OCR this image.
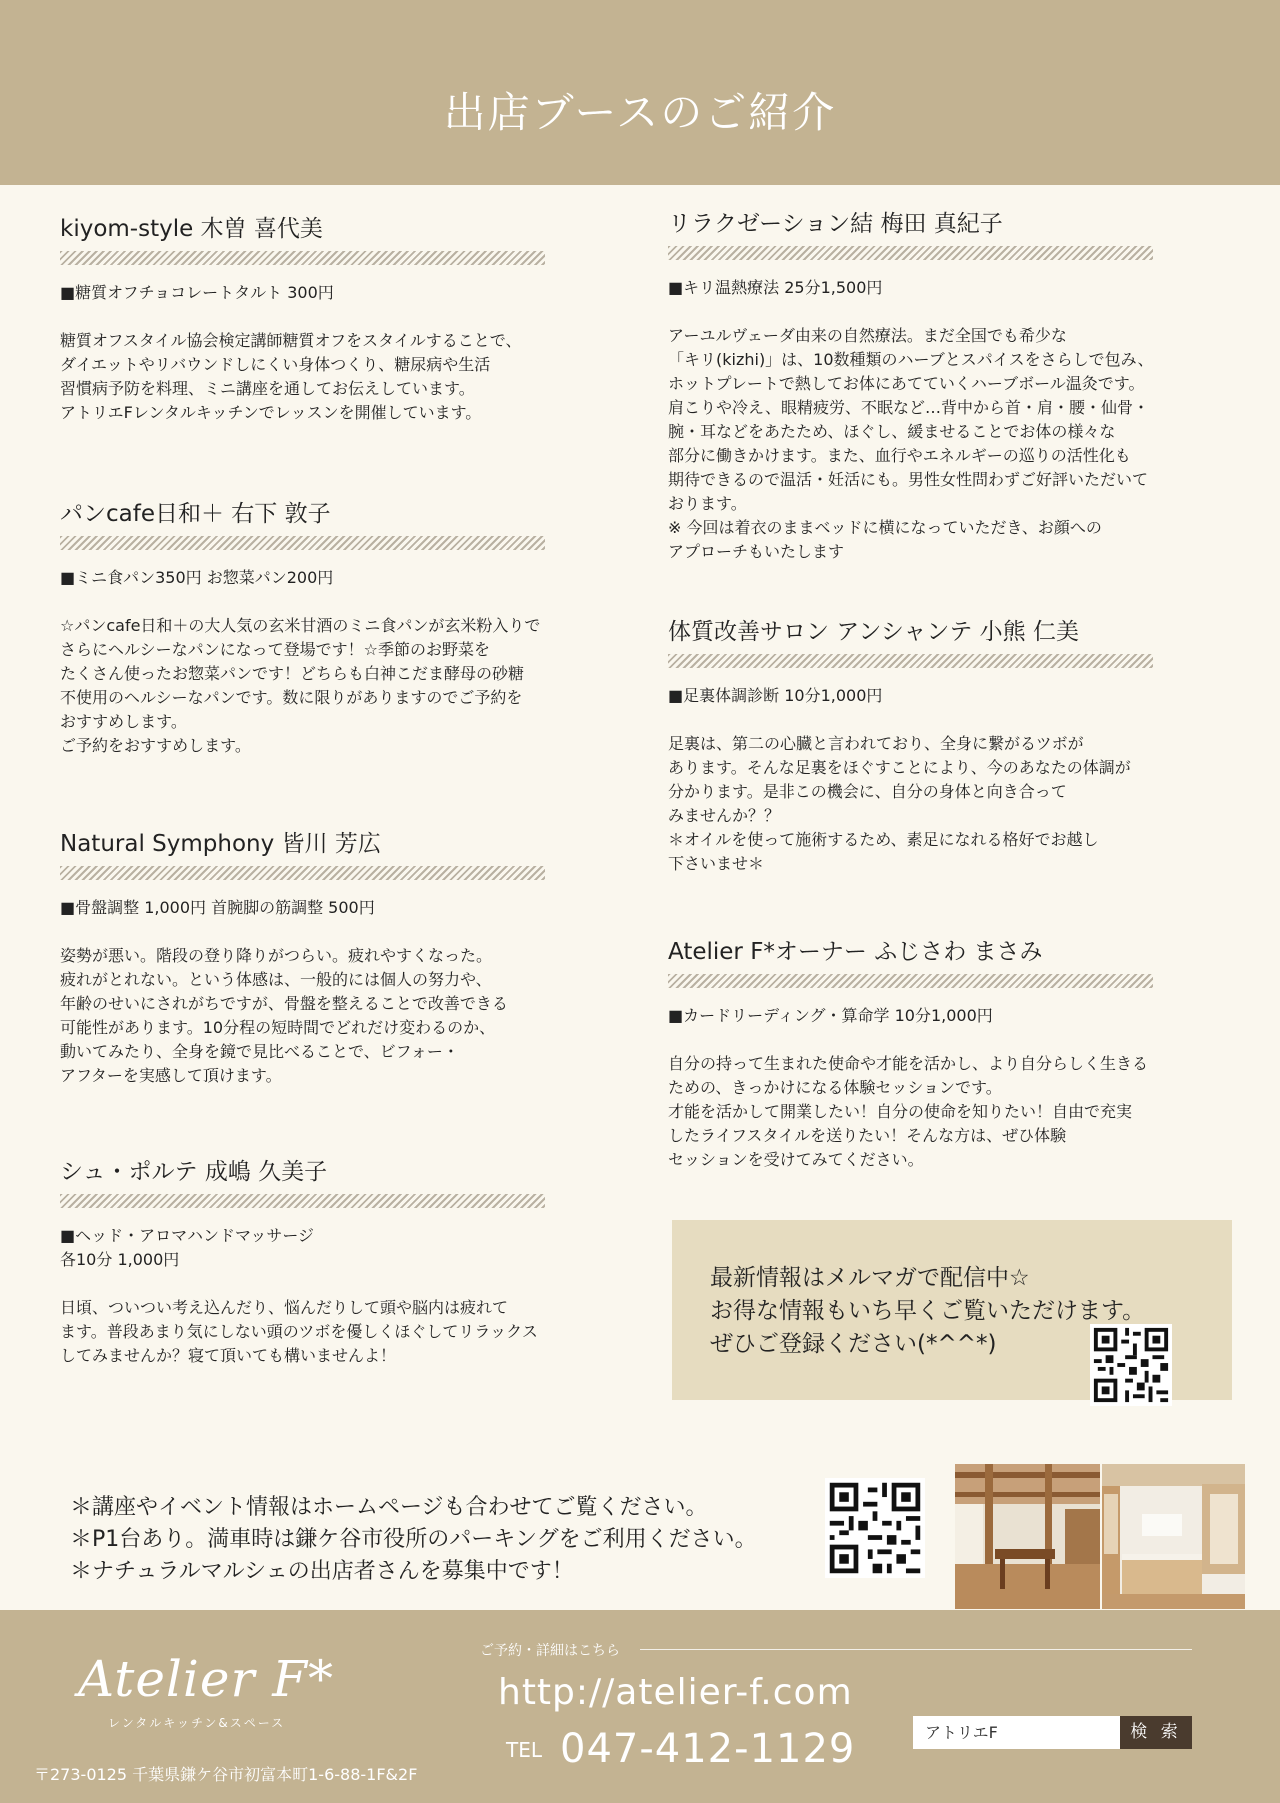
出店ブースのご紹介
kiyom-style 木曽 喜代美
■糖質オフチョコレートタルト 300円
糖質オフスタイル協会検定講師糖質オフをスタイルすることで、
ダイエットやリバウンドしにくい身体つくり、糖尿病や生活
習慣病予防を料理、ミニ講座を通してお伝えしています。
アトリエFレンタルキッチンでレッスンを開催しています。
パンcafe日和＋ 右下 敦子
■ミニ食パン350円 お惣菜パン200円
☆パンcafe日和＋の大人気の玄米甘酒のミニ食パンが玄米粉入りで
さらにヘルシーなパンになって登場です！☆季節のお野菜を
たくさん使ったお惣菜パンです！どちらも白神こだま酵母の砂糖
不使用のヘルシーなパンです。数に限りがありますのでご予約を
おすすめします。
ご予約をおすすめします。
Natural Symphony 皆川 芳広
■骨盤調整 1,000円 首腕脚の筋調整 500円
姿勢が悪い。階段の登り降りがつらい。疲れやすくなった。
疲れがとれない。という体感は、一般的には個人の努力や、
年齢のせいにされがちですが、骨盤を整えることで改善できる
可能性があります。10分程の短時間でどれだけ変わるのか、
動いてみたり、全身を鏡で見比べることで、ビフォー・
アフターを実感して頂けます。
シュ・ポルテ 成嶋 久美子
■ヘッド・アロマハンドマッサージ
各10分 1,000円
日頃、ついつい考え込んだり、悩んだりして頭や脳内は疲れて
ます。普段あまり気にしない頭のツボを優しくほぐしてリラックス
してみませんか？寝て頂いても構いませんよ！
リラクゼーション結 梅田 真紀子
■キリ温熱療法 25分1,500円
アーユルヴェーダ由来の自然療法。まだ全国でも希少な
「キリ(kizhi)」は、10数種類のハーブとスパイスをさらしで包み、
ホットプレートで熱してお体にあてていくハーブボール温灸です。
肩こりや冷え、眼精疲労、不眠など…背中から首・肩・腰・仙骨・
腕・耳などをあたため、ほぐし、緩ませることでお体の様々な
部分に働きかけます。また、血行やエネルギーの巡りの活性化も
期待できるので温活・妊活にも。男性女性問わずご好評いただいて
おります。
※ 今回は着衣のままベッドに横になっていただき、お顔への
アプローチもいたします
体質改善サロン アンシャンテ 小熊 仁美
■足裏体調診断 10分1,000円
足裏は、第二の心臓と言われており、全身に繋がるツボが
あります。そんな足裏をほぐすことにより、今のあなたの体調が
分かります。是非この機会に、自分の身体と向き合って
みませんか？？
＊オイルを使って施術するため、素足になれる格好でお越し
下さいませ＊
Atelier F*オーナー ふじさわ まさみ
■カードリーディング・算命学 10分1,000円
自分の持って生まれた使命や才能を活かし、より自分らしく生きる
ための、きっかけになる体験セッションです。
才能を活かして開業したい！自分の使命を知りたい！自由で充実
したライフスタイルを送りたい！そんな方は、ぜひ体験
セッションを受けてみてください。
最新情報はメルマガで配信中☆
お得な情報もいち早くご覧いただけます。
ぜひご登録ください(*^^*)
＊講座やイベント情報はホームページも合わせてご覧ください。
＊P1台あり。満車時は鎌ケ谷市役所のパーキングをご利用ください。
＊ナチュラルマルシェの出店者さんを募集中です！
Atelier F*
レンタルキッチン&スペース
〒273-0125 千葉県鎌ケ谷市初富本町1-6-88-1F&2F
ご予約・詳細はこちら
http://atelier-f.com
TEL 047-412-1129	アトリエF	検 索
